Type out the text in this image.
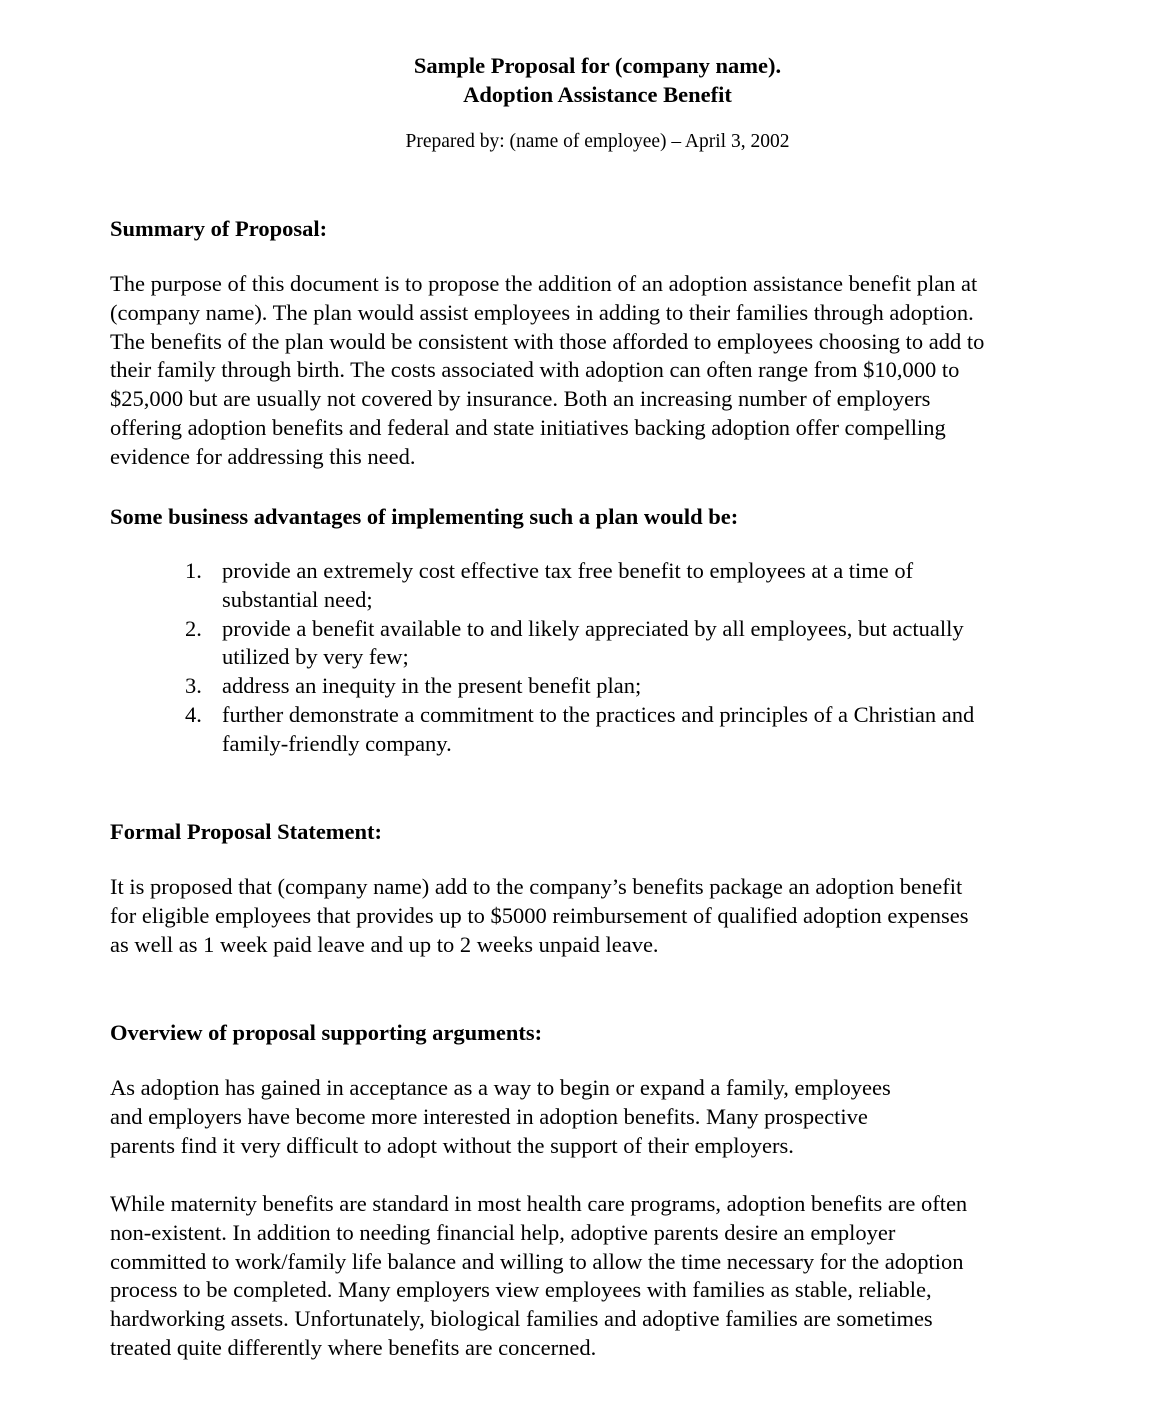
Sample Proposal for (company name).
Adoption Assistance Benefit
Prepared by: (name of employee) – April 3, 2002
Summary of Proposal:
The purpose of this document is to propose the addition of an adoption assistance benefit plan at
(company name). The plan would assist employees in adding to their families through adoption.
The benefits of the plan would be consistent with those afforded to employees choosing to add to
their family through birth. The costs associated with adoption can often range from $10,000 to
$25,000 but are usually not covered by insurance. Both an increasing number of employers
offering adoption benefits and federal and state initiatives backing adoption offer compelling
evidence for addressing this need.
Some business advantages of implementing such a plan would be:
1. provide an extremely cost effective tax free benefit to employees at a time of
substantial need;
2. provide a benefit available to and likely appreciated by all employees, but actually
utilized by very few;
3. address an inequity in the present benefit plan;
4. further demonstrate a commitment to the practices and principles of a Christian and
family-friendly company.
Formal Proposal Statement:
It is proposed that (company name) add to the company’s benefits package an adoption benefit
for eligible employees that provides up to $5000 reimbursement of qualified adoption expenses
as well as 1 week paid leave and up to 2 weeks unpaid leave.
Overview of proposal supporting arguments:
As adoption has gained in acceptance as a way to begin or expand a family, employees
and employers have become more interested in adoption benefits. Many prospective
parents find it very difficult to adopt without the support of their employers.
While maternity benefits are standard in most health care programs, adoption benefits are often
non-existent. In addition to needing financial help, adoptive parents desire an employer
committed to work/family life balance and willing to allow the time necessary for the adoption
process to be completed. Many employers view employees with families as stable, reliable,
hardworking assets. Unfortunately, biological families and adoptive families are sometimes
treated quite differently where benefits are concerned.
